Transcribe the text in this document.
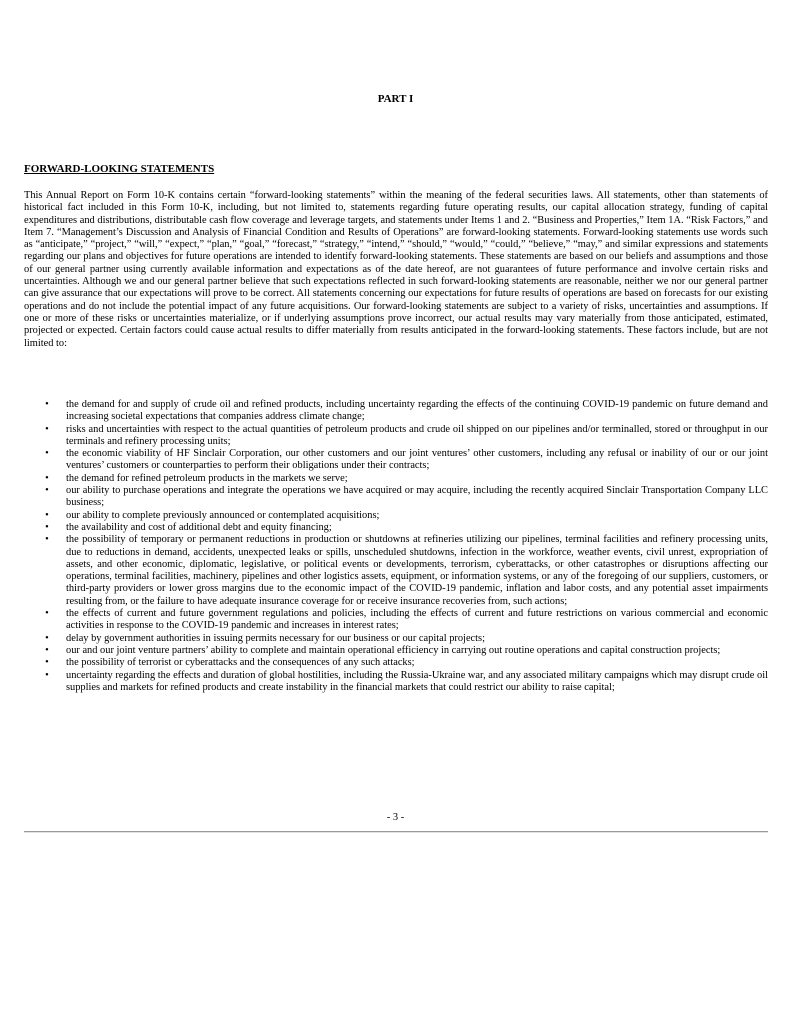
PART I
FORWARD-LOOKING STATEMENTS

This Annual Report on Form 10-K contains certain “forward-looking statements” within the meaning of the federal securities laws. All statements, other than statements of historical fact included in this Form 10-K, including, but not limited to, statements regarding future operating results, our capital allocation strategy, funding of capital expenditures and distributions, distributable cash flow coverage and leverage targets, and statements under Items 1 and 2. “Business and Properties,” Item 1A. “Risk Factors,” and Item 7. “Management’s Discussion and Analysis of Financial Condition and Results of Operations” are forward-looking statements. Forward-looking statements use words such as “anticipate,” “project,” “will,” “expect,” “plan,” “goal,” “forecast,” “strategy,” “intend,” “should,” “would,” “could,” “believe,” “may,” and similar expressions and statements regarding our plans and objectives for future operations are intended to identify forward-looking statements. These statements are based on our beliefs and assumptions and those of our general partner using currently available information and expectations as of the date hereof, are not guarantees of future performance and involve certain risks and uncertainties. Although we and our general partner believe that such expectations reflected in such forward-looking statements are reasonable, neither we nor our general partner can give assurance that our expectations will prove to be correct. All statements concerning our expectations for future results of operations are based on forecasts for our existing operations and do not include the potential impact of any future acquisitions. Our forward-looking statements are subject to a variety of risks, uncertainties and assumptions. If one or more of these risks or uncertainties materialize, or if underlying assumptions prove incorrect, our actual results may vary materially from those anticipated, estimated, projected or expected. Certain factors could cause actual results to differ materially from results anticipated in the forward-looking statements. These factors include, but are not limited to:

•	the demand for and supply of crude oil and refined products, including uncertainty regarding the effects of the continuing COVID-19 pandemic on future demand and increasing societal expectations that companies address climate change;
•	risks and uncertainties with respect to the actual quantities of petroleum products and crude oil shipped on our pipelines and/or terminalled, stored or throughput in our terminals and refinery processing units;
•	the economic viability of HF Sinclair Corporation, our other customers and our joint ventures’ other customers, including any refusal or inability of our or our joint ventures’ customers or counterparties to perform their obligations under their contracts;
•	the demand for refined petroleum products in the markets we serve;
•	our ability to purchase operations and integrate the operations we have acquired or may acquire, including the recently acquired Sinclair Transportation Company LLC business;
•	our ability to complete previously announced or contemplated acquisitions;
•	the availability and cost of additional debt and equity financing;
•	the possibility of temporary or permanent reductions in production or shutdowns at refineries utilizing our pipelines, terminal facilities and refinery processing units, due to reductions in demand, accidents, unexpected leaks or spills, unscheduled shutdowns, infection in the workforce, weather events, civil unrest, expropriation of assets, and other economic, diplomatic, legislative, or political events or developments, terrorism, cyberattacks, or other catastrophes or disruptions affecting our operations, terminal facilities, machinery, pipelines and other logistics assets, equipment, or information systems, or any of the foregoing of our suppliers, customers, or third-party providers or lower gross margins due to the economic impact of the COVID-19 pandemic, inflation and labor costs, and any potential asset impairments resulting from, or the failure to have adequate insurance coverage for or receive insurance recoveries from, such actions;
•	the effects of current and future government regulations and policies, including the effects of current and future restrictions on various commercial and economic activities in response to the COVID-19 pandemic and increases in interest rates;
•	delay by government authorities in issuing permits necessary for our business or our capital projects;
•	our and our joint venture partners’ ability to complete and maintain operational efficiency in carrying out routine operations and capital construction projects;
•	the possibility of terrorist or cyberattacks and the consequences of any such attacks;
•	uncertainty regarding the effects and duration of global hostilities, including the Russia-Ukraine war, and any associated military campaigns which may disrupt crude oil supplies and markets for refined products and create instability in the financial markets that could restrict our ability to raise capital;
- 3 -
